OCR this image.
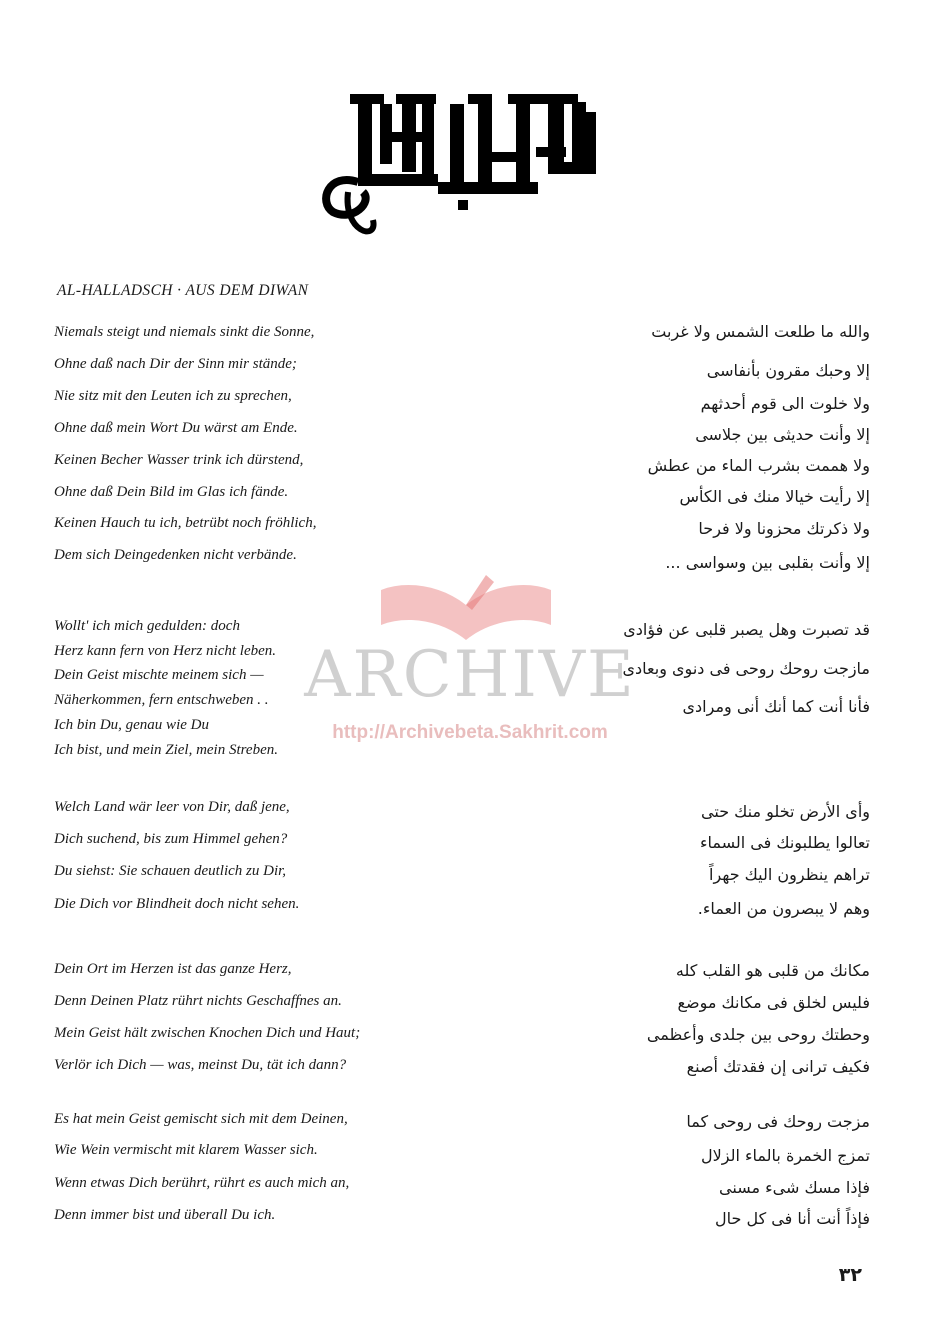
AL-HALLADSCH · AUS DEM DIWAN
ARCHIVE
http://Archivebeta.Sakhrit.com
Niemals steigt und niemals sinkt die Sonne,
Ohne daß nach Dir der Sinn mir stände;
Nie sitz mit den Leuten ich zu sprechen,
Ohne daß mein Wort Du wärst am Ende.
Keinen Becher Wasser trink ich dürstend,
Ohne daß Dein Bild im Glas ich fände.
Keinen Hauch tu ich, betrübt noch fröhlich,
Dem sich Deingedenken nicht verbände.
والله ما طلعت الشمس ولا غربت
إلا وحبك مقرون بأنفاسى
ولا خلوت الى قوم أحدثهم
إلا وأنت حديثى بين جلاسى
ولا هممت بشرب الماء من عطش
إلا رأيت خيالا منك فى الكأس
ولا ذكرتك محزونا ولا فرحا
إلا وأنت بقلبى بين وسواسى ...
Wollt' ich mich gedulden: doch
Herz kann fern von Herz nicht leben.
Dein Geist mischte meinem sich —
Näherkommen, fern entschweben . .
Ich bin Du, genau wie Du
Ich bist, und mein Ziel, mein Streben.
قد تصبرت وهل يصبر قلبى عن فؤادى
مازجت روحك روحى فى دنوى وبعادى
فأنا أنت كما أنك أنى ومرادى
Welch Land wär leer von Dir, daß jene,
Dich suchend, bis zum Himmel gehen?
Du siehst: Sie schauen deutlich zu Dir,
Die Dich vor Blindheit doch nicht sehen.
وأى الأرض تخلو منك حتى
تعالوا يطلبونك فى السماء
تراهم ينظرون اليك جهراً
وهم لا يبصرون من العماء.
Dein Ort im Herzen ist das ganze Herz,
Denn Deinen Platz rührt nichts Geschaffnes an.
Mein Geist hält zwischen Knochen Dich und Haut;
Verlör ich Dich — was, meinst Du, tät ich dann?
مكانك من قلبى هو القلب كله
فليس لخلق فى مكانك موضع
وحطتك روحى بين جلدى وأعظمى
فكيف ترانى إن فقدتك أصنع
Es hat mein Geist gemischt sich mit dem Deinen,
Wie Wein vermischt mit klarem Wasser sich.
Wenn etwas Dich berührt, rührt es auch mich an,
Denn immer bist und überall Du ich.
مزجت روحك فى روحى كما
تمزج الخمرة بالماء الزلال
فإذا مسك شىء مسنى
فإذاً أنت أنا فى كل حال
٣٢
